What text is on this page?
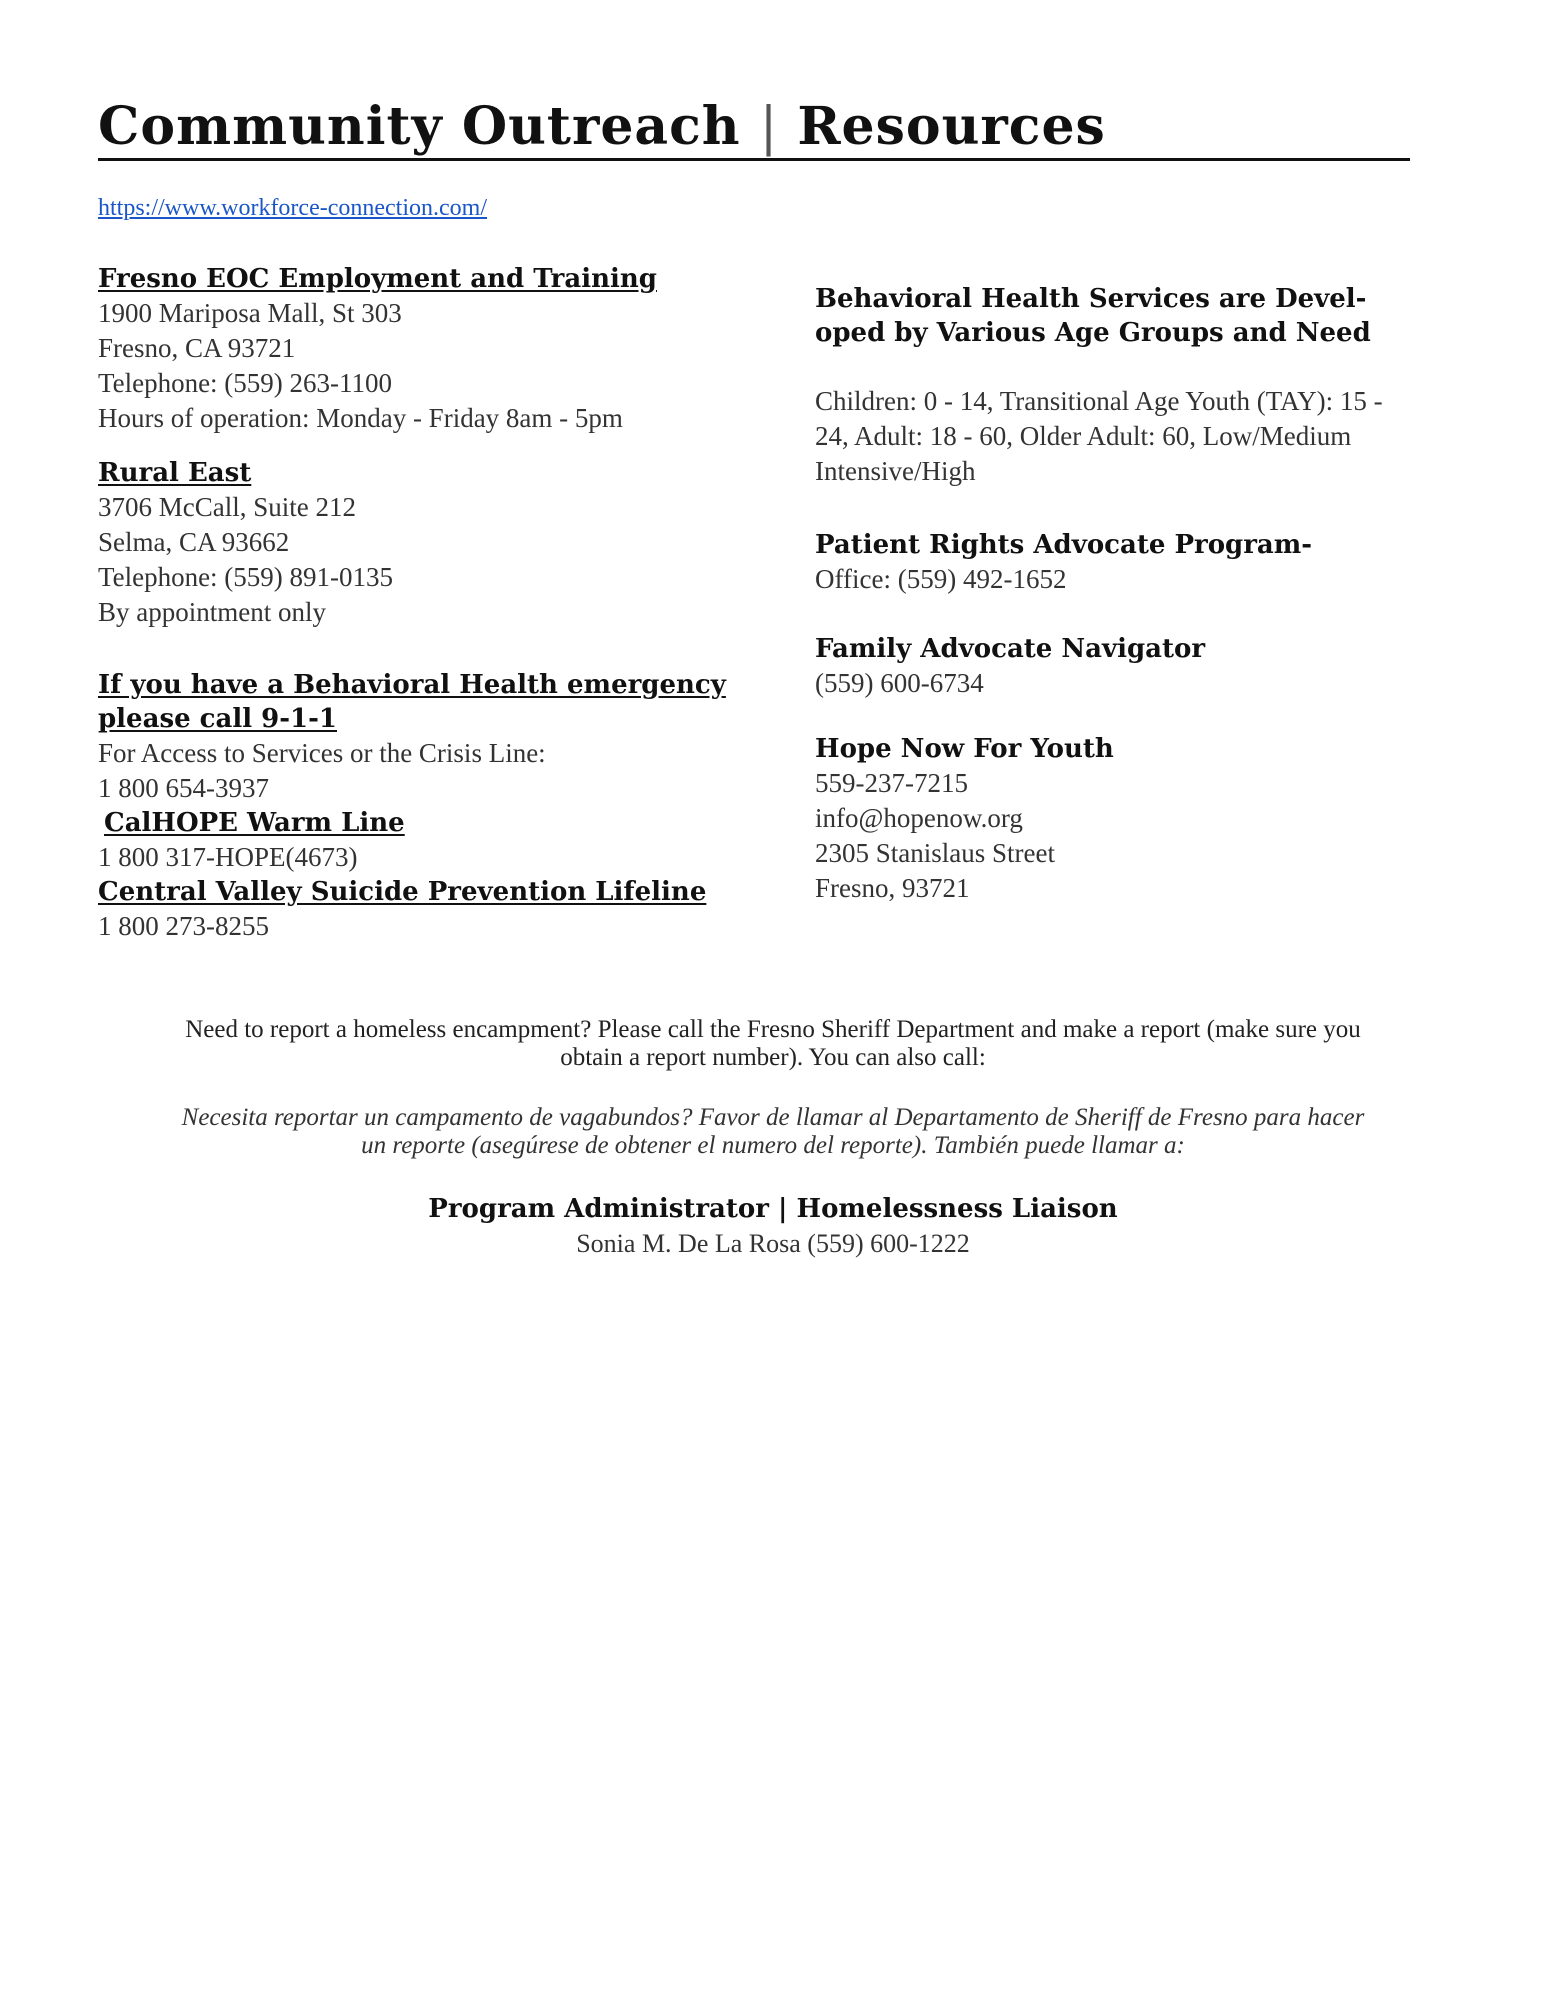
Community Outreach | Resources
https://www.workforce-connection.com/
Fresno EOC Employment and Training
1900 Mariposa Mall, St 303
Fresno, CA 93721
Telephone: (559) 263-1100
Hours of operation: Monday - Friday 8am - 5pm
Rural East
3706 McCall, Suite 212
Selma, CA 93662
Telephone: (559) 891-0135
By appointment only
If you have a Behavioral Health emergency
please call 9-1-1
For Access to Services or the Crisis Line:
1 800 654-3937
CalHOPE Warm Line
1 800 317-HOPE(4673)
Central Valley Suicide Prevention Lifeline
1 800 273-8255
Behavioral Health Services are Devel-
oped by Various Age Groups and Need
Children: 0 - 14, Transitional Age Youth (TAY): 15 -
24, Adult: 18 - 60, Older Adult: 60, Low/Medium
Intensive/High
Patient Rights Advocate Program-
Office: (559) 492-1652
Family Advocate Navigator
(559) 600-6734
Hope Now For Youth
559-237-7215
info@hopenow.org
2305 Stanislaus Street
Fresno, 93721
Need to report a homeless encampment? Please call the Fresno Sheriff Department and make a report (make sure you
obtain a report number). You can also call:
Necesita reportar un campamento de vagabundos? Favor de llamar al Departamento de Sheriff de Fresno para hacer
un reporte (asegúrese de obtener el numero del reporte). También puede llamar a:
Program Administrator | Homelessness Liaison
Sonia M. De La Rosa (559) 600-1222
